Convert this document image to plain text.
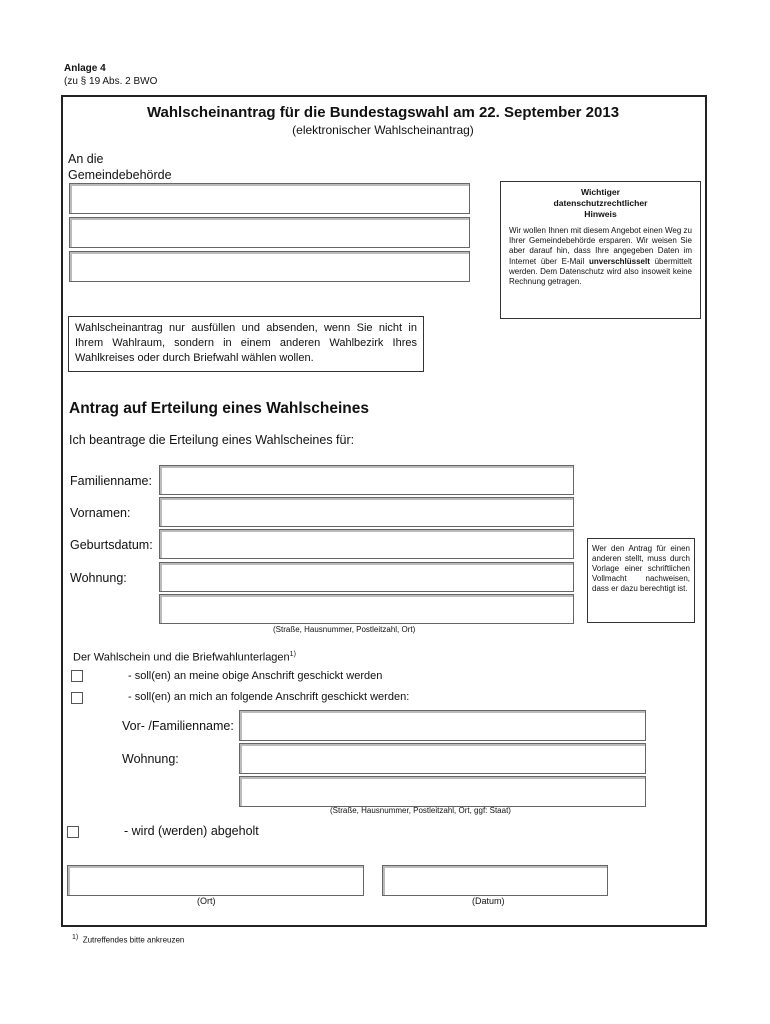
Anlage 4
(zu § 19 Abs. 2 BWO
Wahlscheinantrag für die Bundestagswahl am 22. September 2013
(elektronischer Wahlscheinantrag)
An die
Gemeindebehörde
Wichtiger
datenschutzrechtlicher
Hinweis
Wir wollen Ihnen mit diesem Angebot einen Weg zu Ihrer Gemeindebehörde ersparen. Wir weisen Sie aber darauf hin, dass Ihre angegeben Daten im Internet über E-Mail unverschlüsselt übermittelt werden. Dem Datenschutz wird also insoweit keine Rechnung getragen.
Wahlscheinantrag nur ausfüllen und absenden, wenn Sie nicht in Ihrem Wahlraum, sondern in einem anderen Wahlbezirk Ihres Wahlkreises oder durch Briefwahl wählen wollen.
Antrag auf Erteilung eines Wahlscheines
Ich beantrage die Erteilung eines Wahlscheines für:
Familienname:
Vornamen:
Geburtsdatum:
Wohnung:
(Straße, Hausnummer, Postleitzahl, Ort)
Wer den Antrag für einen anderen stellt, muss durch Vorlage einer schriftlichen Vollmacht nachweisen, dass er dazu berechtigt ist.
Der Wahlschein und die Briefwahlunterlagen$^{1)}$
- soll(en) an meine obige Anschrift geschickt werden
- soll(en) an mich an folgende Anschrift geschickt werden:
Vor- /Familienname:
Wohnung:
(Straße, Hausnummer, Postleitzahl, Ort, ggf: Staat)
- wird (werden) abgeholt
(Ort)	(Datum)
$^{1)}$ Zutreffendes bitte ankreuzen
